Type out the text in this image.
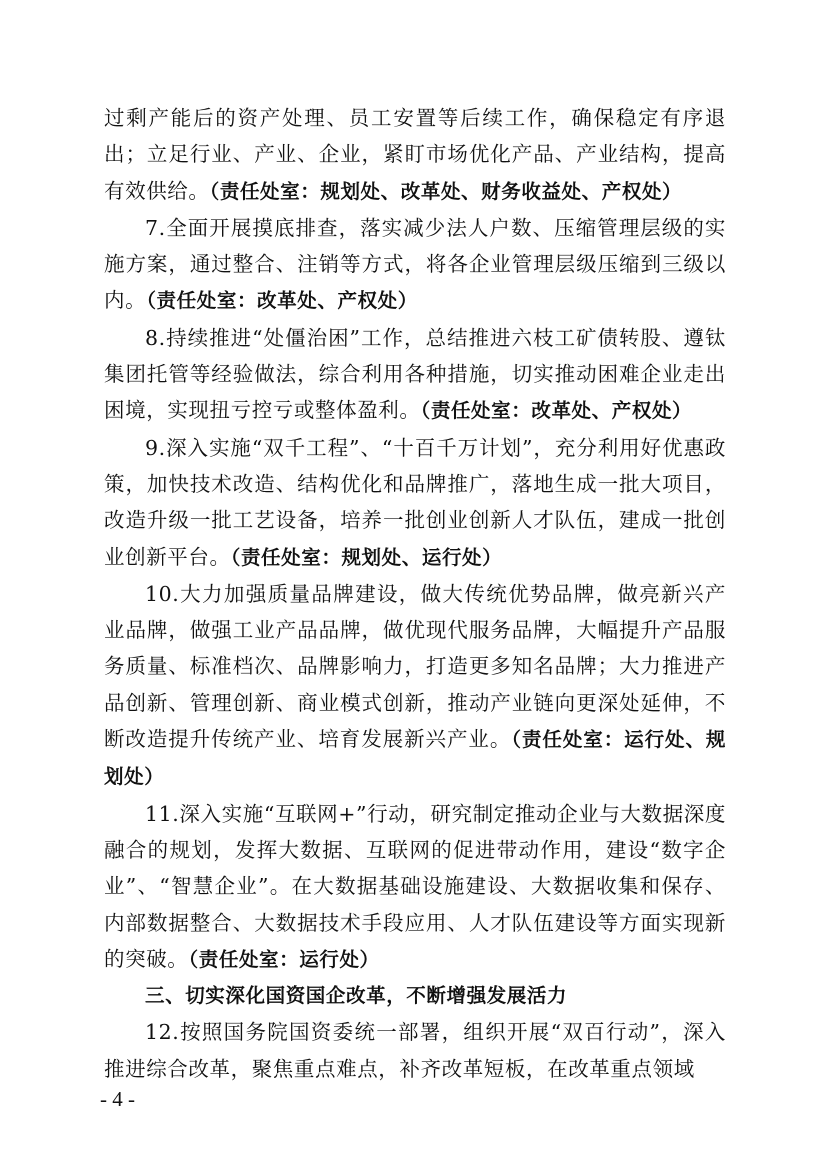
过剩产能后的资产处理、员工安置等后续工作，确保稳定有序退出；立足行业、产业、企业，紧盯市场优化产品、产业结构，提高有效供给。（责任处室：规划处、改革处、财务收益处、产权处）

7.全面开展摸底排查，落实减少法人户数、压缩管理层级的实施方案，通过整合、注销等方式，将各企业管理层级压缩到三级以内。（责任处室：改革处、产权处）

8.持续推进“处僵治困”工作，总结推进六枝工矿债转股、遵钛集团托管等经验做法，综合利用各种措施，切实推动困难企业走出困境，实现扭亏控亏或整体盈利。（责任处室：改革处、产权处）

9.深入实施“双千工程”、“十百千万计划”，充分利用好优惠政策，加快技术改造、结构优化和品牌推广，落地生成一批大项目，改造升级一批工艺设备，培养一批创业创新人才队伍，建成一批创业创新平台。（责任处室：规划处、运行处）

10.大力加强质量品牌建设，做大传统优势品牌，做亮新兴产业品牌，做强工业产品品牌，做优现代服务品牌，大幅提升产品服务质量、标准档次、品牌影响力，打造更多知名品牌；大力推进产品创新、管理创新、商业模式创新，推动产业链向更深处延伸，不断改造提升传统产业、培育发展新兴产业。（责任处室：运行处、规划处）

11.深入实施“互联网+”行动，研究制定推动企业与大数据深度融合的规划，发挥大数据、互联网的促进带动作用，建设“数字企业”、“智慧企业”。在大数据基础设施建设、大数据收集和保存、内部数据整合、大数据技术手段应用、人才队伍建设等方面实现新的突破。（责任处室：运行处）

三、切实深化国资国企改革，不断增强发展活力

12.按照国务院国资委统一部署，组织开展“双百行动”，深入推进综合改革，聚焦重点难点，补齐改革短板，在改革重点领域

- 4 -
